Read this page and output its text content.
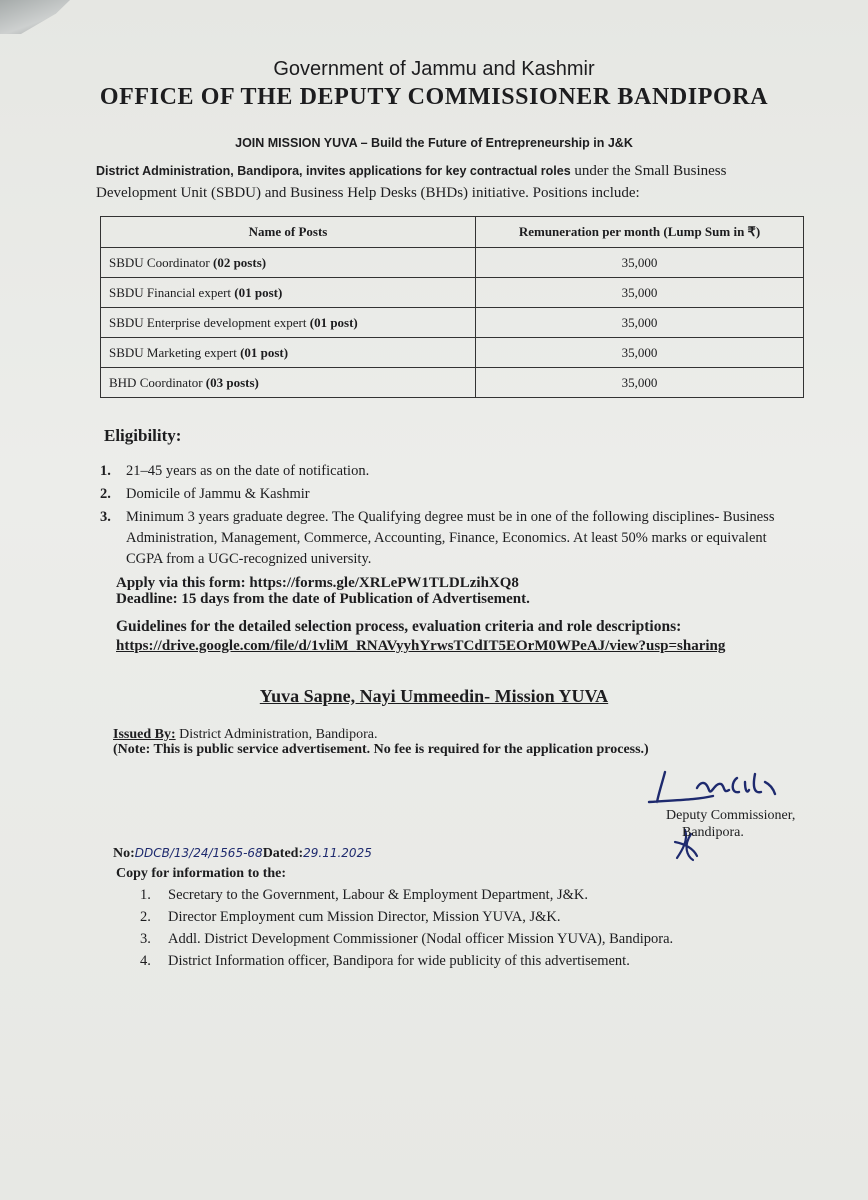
Government of Jammu and Kashmir
OFFICE OF THE DEPUTY COMMISSIONER BANDIPORA
JOIN MISSION YUVA – Build the Future of Entrepreneurship in J&K
District Administration, Bandipora, invites applications for key contractual roles under the Small Business Development Unit (SBDU) and Business Help Desks (BHDs) initiative. Positions include:
Name of Posts	Remuneration per month (Lump Sum in ₹)
SBDU Coordinator (02 posts)	35,000
SBDU Financial expert (01 post)	35,000
SBDU Enterprise development expert (01 post)	35,000
SBDU Marketing expert (01 post)	35,000
BHD Coordinator (03 posts)	35,000
Eligibility:
1. 21–45 years as on the date of notification.
2. Domicile of Jammu & Kashmir
3. Minimum 3 years graduate degree. The Qualifying degree must be in one of the following disciplines- Business Administration, Management, Commerce, Accounting, Finance, Economics. At least 50% marks or equivalent CGPA from a UGC-recognized university.
Apply via this form: https://forms.gle/XRLePW1TLDLzihXQ8
Deadline: 15 days from the date of Publication of Advertisement.
Guidelines for the detailed selection process, evaluation criteria and role descriptions:
https://drive.google.com/file/d/1vliM_RNAVyyhYrwsTCdIT5EOrM0WPeAJ/view?usp=sharing
Yuva Sapne, Nayi Ummeedin- Mission YUVA
Issued By: District Administration, Bandipora.
(Note: This is public service advertisement. No fee is required for the application process.)
Deputy Commissioner,
Bandipora.
No:DDCB/13/24/1565-68Dated:29.11.2025
Copy for information to the:
1. Secretary to the Government, Labour & Employment Department, J&K.
2. Director Employment cum Mission Director, Mission YUVA, J&K.
3. Addl. District Development Commissioner (Nodal officer Mission YUVA), Bandipora.
4. District Information officer, Bandipora for wide publicity of this advertisement.
